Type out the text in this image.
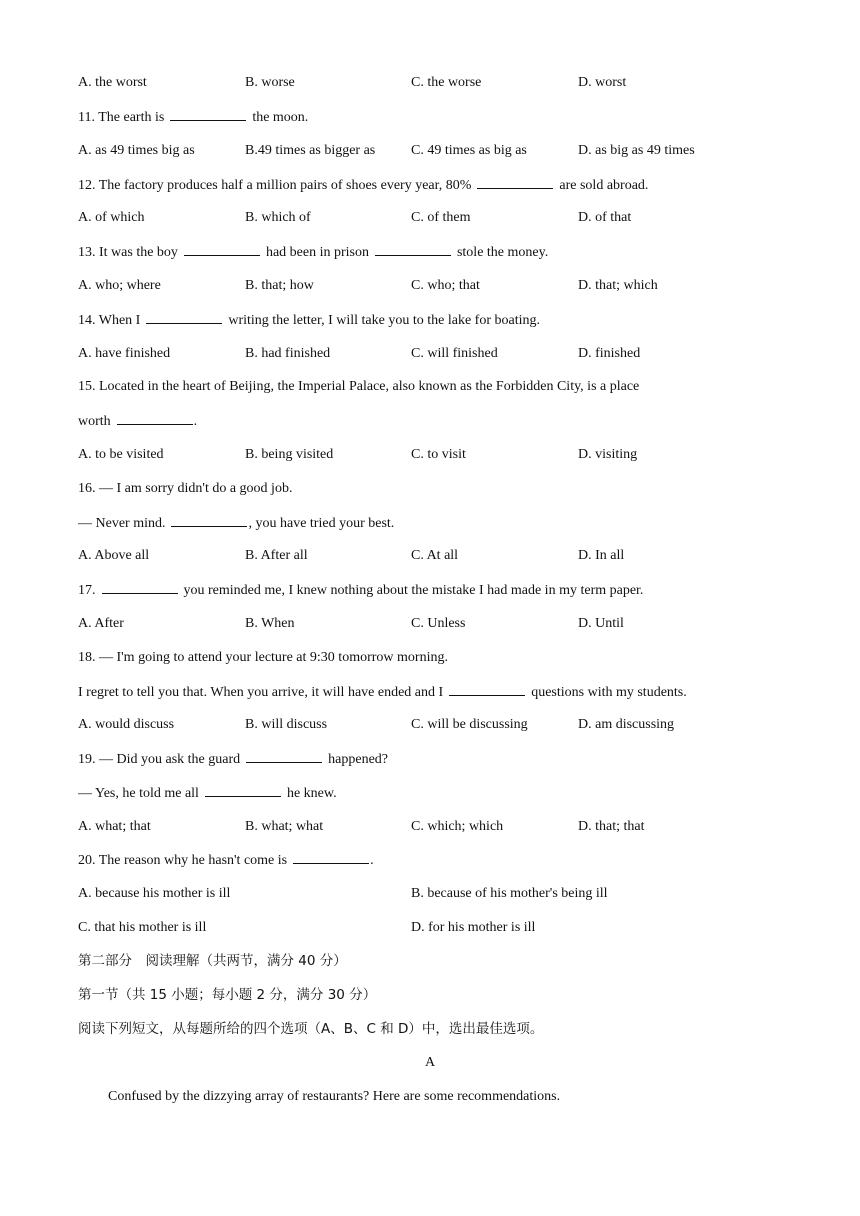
A. the worst	B. worse	C. the worse	D. worst
11. The earth is	the moon.
A. as 49 times big as	B.49 times as bigger as	C. 49 times as big as	D. as big as 49 times
12. The factory produces half a million pairs of shoes every year, 80%	are sold abroad.
A. of which	B. which of	C. of them	D. of that
13. It was the boy	had been in prison	stole the money.
A. who; where	B. that; how	C. who; that	D. that; which
14. When I	writing the letter, I will take you to the lake for boating.
A. have finished	B. had finished	C. will finished	D. finished
15. Located in the heart of Beijing, the Imperial Palace, also known as the Forbidden City, is a place
worth	.
A. to be visited	B. being visited	C. to visit	D. visiting
16. — I am sorry didn't do a good job.
— Never mind.	, you have tried your best.
A. Above all	B. After all	C. At all	D. In all
17.	you reminded me, I knew nothing about the mistake I had made in my term paper.
A. After	B. When	C. Unless	D. Until
18. — I'm going to attend your lecture at 9:30 tomorrow morning.
I regret to tell you that. When you arrive, it will have ended and I	questions with my students.
A. would discuss	B. will discuss	C. will be discussing	D. am discussing
19. — Did you ask the guard	happened?
— Yes, he told me all	he knew.
A. what; that	B. what; what	C. which; which	D. that; that
20. The reason why he hasn't come is	.
A. because his mother is ill	B. because of his mother's being ill
C. that his mother is ill	D. for his mother is ill
第二部分　阅读理解（共两节，满分 40 分）
第一节（共 15 小题；每小题 2 分，满分 30 分）
阅读下列短文，从每题所给的四个选项（A、B、C 和 D）中，选出最佳选项。
A
Confused by the dizzying array of restaurants? Here are some recommendations.
